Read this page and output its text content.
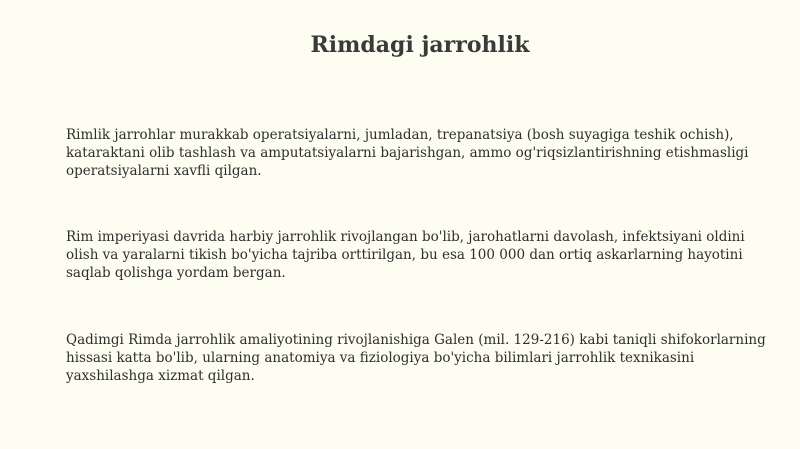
Rimdagi jarrohlik

Rimlik jarrohlar murakkab operatsiyalarni, jumladan, trepanatsiya (bosh suyagiga teshik ochish), kataraktani olib tashlash va amputatsiyalarni bajarishgan, ammo og'riqsizlantirishning etishmasligi operatsiyalarni xavfli qilgan.

Rim imperiyasi davrida harbiy jarrohlik rivojlangan bo'lib, jarohatlarni davolash, infektsiyani oldini olish va yaralarni tikish bo'yicha tajriba orttirilgan, bu esa 100 000 dan ortiq askarlarning hayotini saqlab qolishga yordam bergan.

Qadimgi Rimda jarrohlik amaliyotining rivojlanishiga Galen (mil. 129-216) kabi taniqli shifokorlarning hissasi katta bo'lib, ularning anatomiya va fiziologiya bo'yicha bilimlari jarrohlik texnikasini yaxshilashga xizmat qilgan.
